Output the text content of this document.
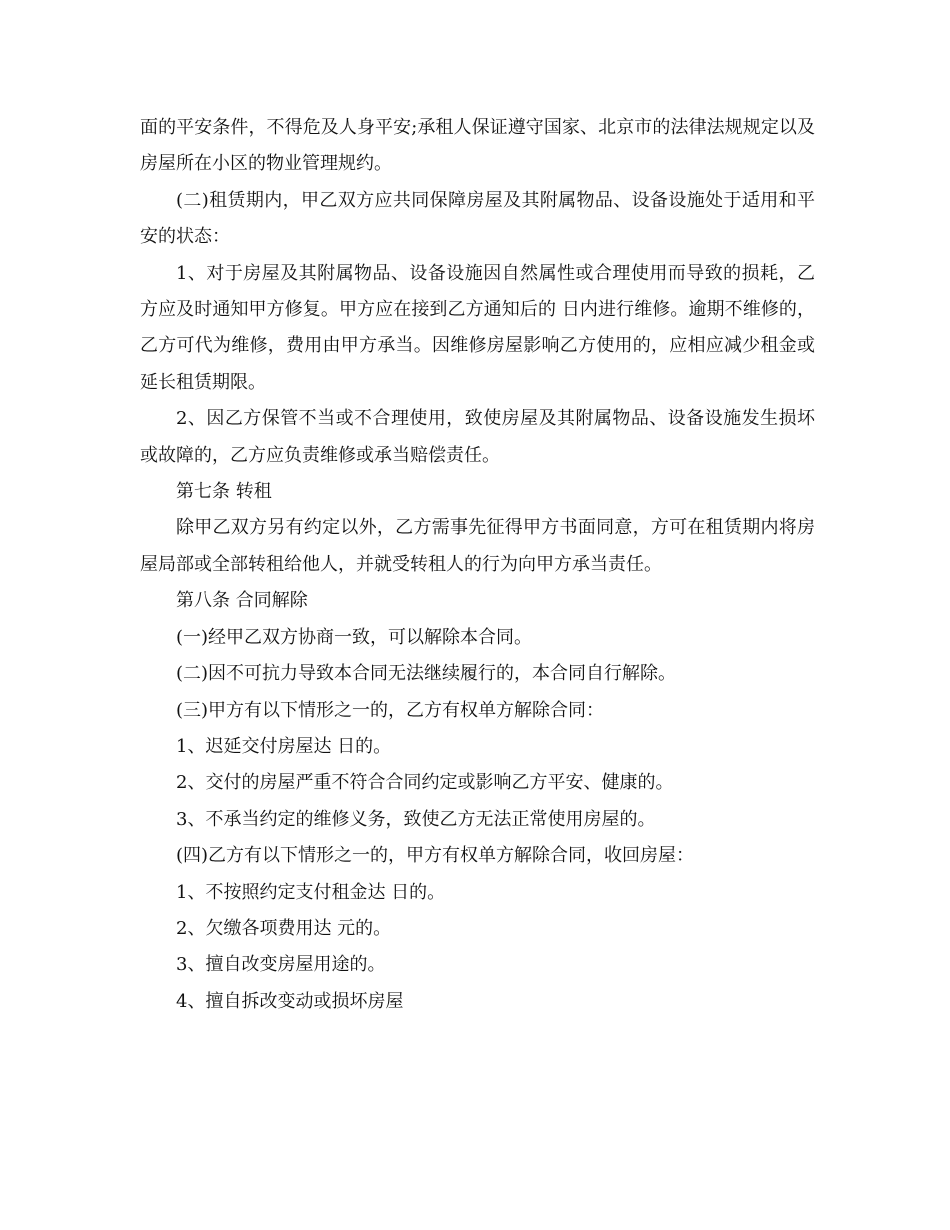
面的平安条件，不得危及人身平安;承租人保证遵守国家、北京市的法律法规规定以及房屋所在小区的物业管理规约。

(二)租赁期内，甲乙双方应共同保障房屋及其附属物品、设备设施处于适用和平安的状态：

1、对于房屋及其附属物品、设备设施因自然属性或合理使用而导致的损耗，乙方应及时通知甲方修复。甲方应在接到乙方通知后的 日内进行维修。逾期不维修的，乙方可代为维修，费用由甲方承当。因维修房屋影响乙方使用的，应相应减少租金或延长租赁期限。

2、因乙方保管不当或不合理使用，致使房屋及其附属物品、设备设施发生损坏或故障的，乙方应负责维修或承当赔偿责任。

第七条 转租

除甲乙双方另有约定以外，乙方需事先征得甲方书面同意，方可在租赁期内将房屋局部或全部转租给他人，并就受转租人的行为向甲方承当责任。

第八条 合同解除

(一)经甲乙双方协商一致，可以解除本合同。

(二)因不可抗力导致本合同无法继续履行的，本合同自行解除。

(三)甲方有以下情形之一的，乙方有权单方解除合同：

1、迟延交付房屋达 日的。

2、交付的房屋严重不符合合同约定或影响乙方平安、健康的。

3、不承当约定的维修义务，致使乙方无法正常使用房屋的。

(四)乙方有以下情形之一的，甲方有权单方解除合同，收回房屋：

1、不按照约定支付租金达 日的。

2、欠缴各项费用达 元的。

3、擅自改变房屋用途的。

4、擅自拆改变动或损坏房屋
